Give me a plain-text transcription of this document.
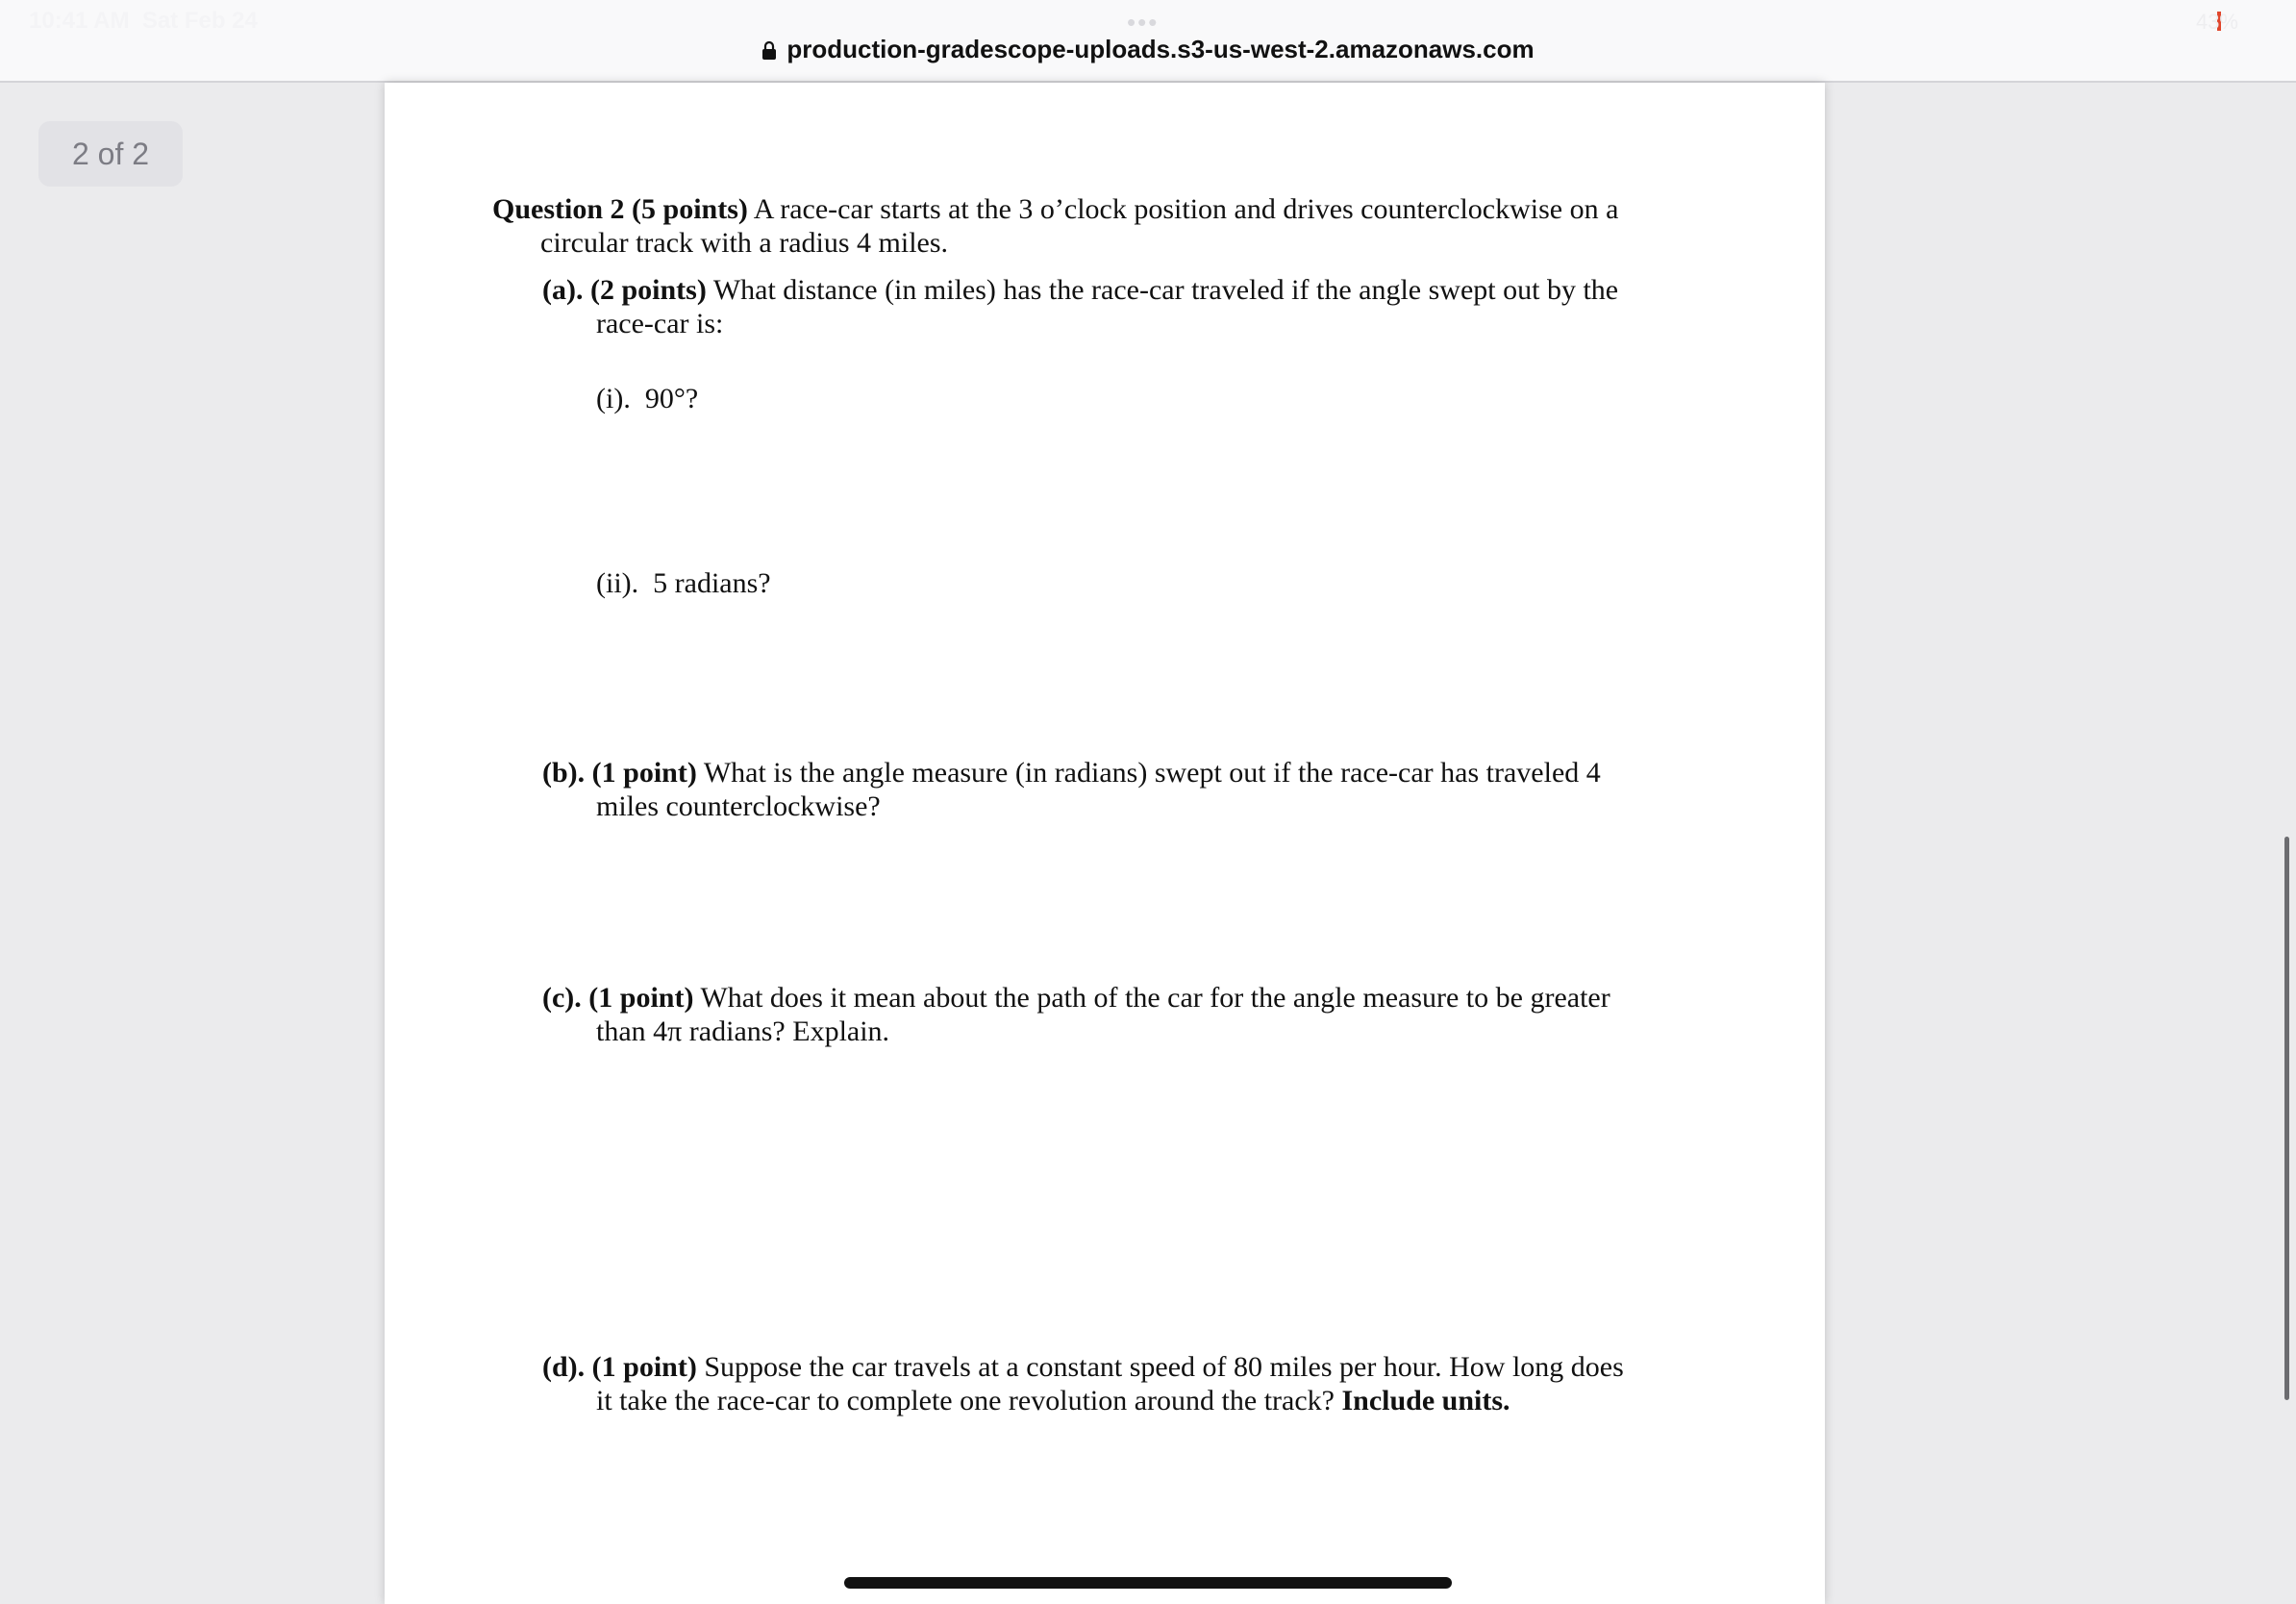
10:41 AM Sat Feb 24	•••	43%
production-gradescope-uploads.s3-us-west-2.amazonaws.com
2 of 2
Question 2 (5 points) A race-car starts at the 3 o’clock position and drives counterclockwise on a
circular track with a radius 4 miles.
(a). (2 points) What distance (in miles) has the race-car traveled if the angle swept out by the
race-car is:
(i). 90°?
(ii). 5 radians?
(b). (1 point) What is the angle measure (in radians) swept out if the race-car has traveled 4
miles counterclockwise?
(c). (1 point) What does it mean about the path of the car for the angle measure to be greater
than 4π radians? Explain.
(d). (1 point) Suppose the car travels at a constant speed of 80 miles per hour. How long does
it take the race-car to complete one revolution around the track? Include units.
